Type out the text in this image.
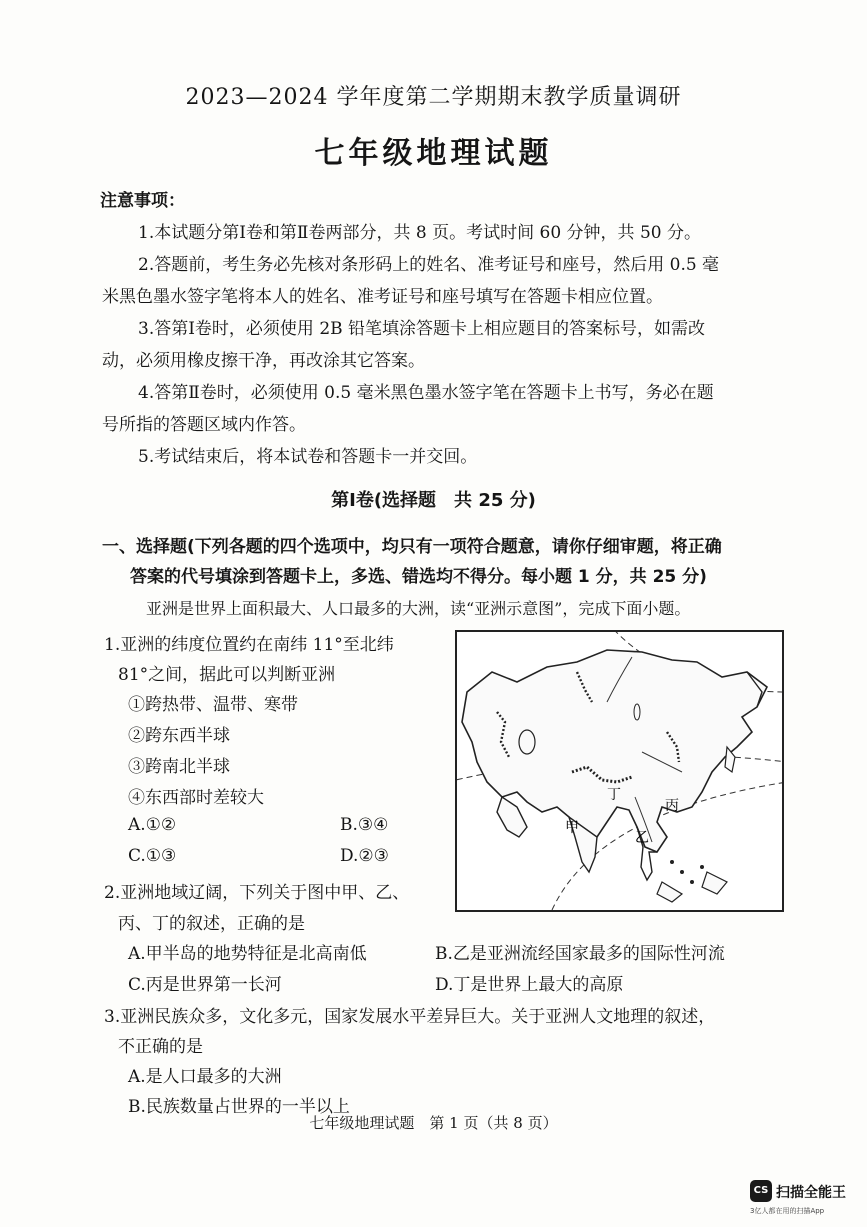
2023—2024 学年度第二学期期末教学质量调研
七年级地理试题
注意事项：
1.本试题分第Ⅰ卷和第Ⅱ卷两部分，共 8 页。考试时间 60 分钟，共 50 分。
2.答题前，考生务必先核对条形码上的姓名、准考证号和座号，然后用 0.5 毫
米黑色墨水签字笔将本人的姓名、准考证号和座号填写在答题卡相应位置。
3.答第Ⅰ卷时，必须使用 2B 铅笔填涂答题卡上相应题目的答案标号，如需改
动，必须用橡皮擦干净，再改涂其它答案。
4.答第Ⅱ卷时，必须使用 0.5 毫米黑色墨水签字笔在答题卡上书写，务必在题
号所指的答题区域内作答。
5.考试结束后，将本试卷和答题卡一并交回。
第Ⅰ卷(选择题　共 25 分)
一、选择题(下列各题的四个选项中，均只有一项符合题意，请你仔细审题，将正确
答案的代号填涂到答题卡上，多选、错选均不得分。每小题 1 分，共 25 分)
亚洲是世界上面积最大、人口最多的大洲，读“亚洲示意图”，完成下面小题。
1.亚洲的纬度位置约在南纬 11°至北纬
81°之间，据此可以判断亚洲
①跨热带、温带、寒带
②跨东西半球
③跨南北半球
④东西部时差较大
A.①②	B.③④
C.①③	D.②③
2.亚洲地域辽阔，下列关于图中甲、乙、
丙、丁的叙述，正确的是
A.甲半岛的地势特征是北高南低	B.乙是亚洲流经国家最多的国际性河流
C.丙是世界第一长河	D.丁是世界上最大的高原
3.亚洲民族众多，文化多元，国家发展水平差异巨大。关于亚洲人文地理的叙述，
不正确的是
A.是人口最多的大洲
B.民族数量占世界的一半以上
甲
乙
丙
丁
七年级地理试题　第 1 页（共 8 页）
CS 扫描全能王
3亿人都在用的扫描App
